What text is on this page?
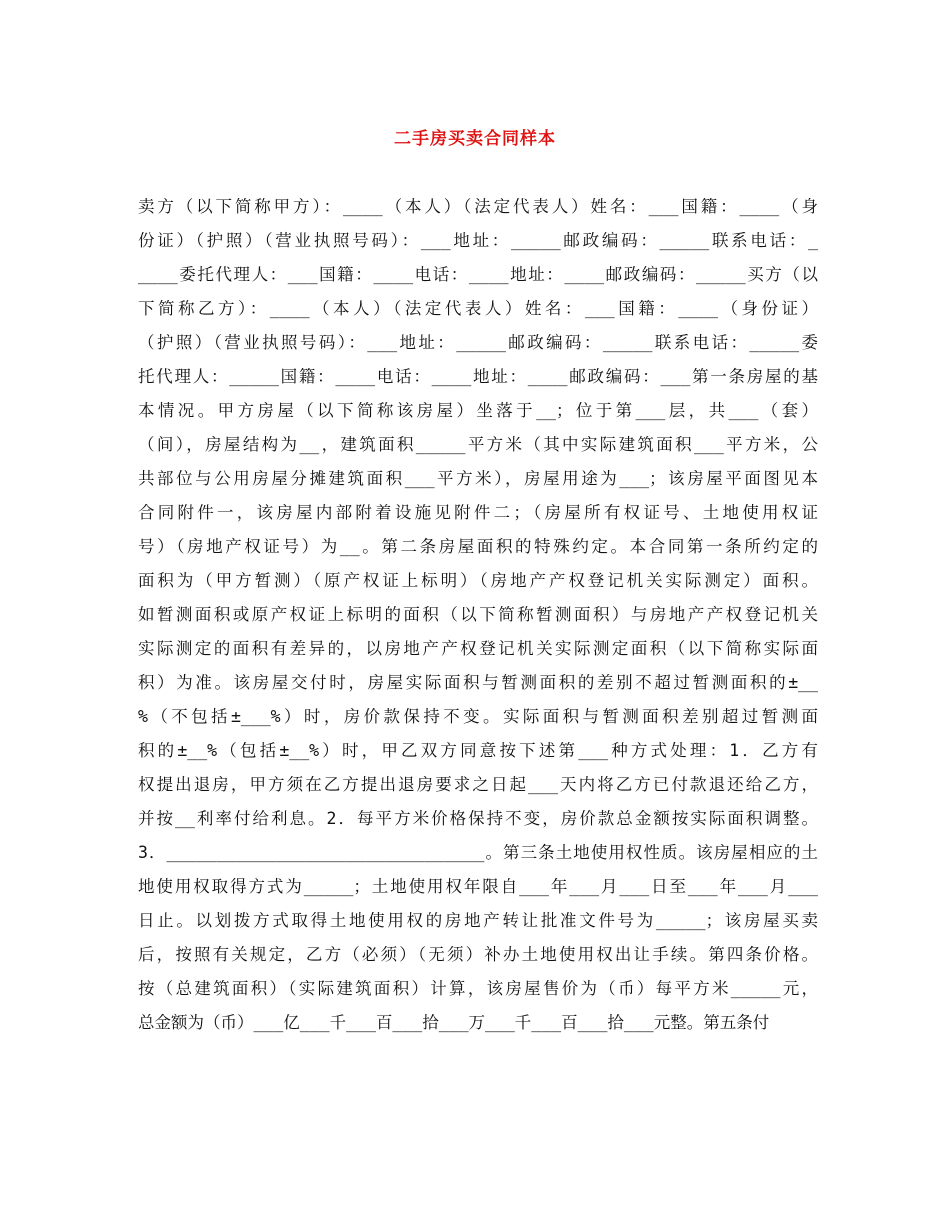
二手房买卖合同样本
卖方（以下简称甲方）：____（本人）（法定代表人）姓名：___国籍：____（身
份证）（护照）（营业执照号码）：___地址：_____邮政编码：_____联系电话：_
____委托代理人：___国籍：____电话：____地址：____邮政编码：_____买方（以
下简称乙方）：____（本人）（法定代表人）姓名：___国籍：____（身份证）
（护照）（营业执照号码）：___地址：_____邮政编码：_____联系电话：_____委
托代理人：_____国籍：____电话：____地址：____邮政编码：___第一条房屋的基
本情况。甲方房屋（以下简称该房屋）坐落于__；位于第___层，共___（套）
（间），房屋结构为__，建筑面积_____平方米（其中实际建筑面积___平方米，公
共部位与公用房屋分摊建筑面积___平方米），房屋用途为___；该房屋平面图见本
合同附件一，该房屋内部附着设施见附件二；（房屋所有权证号、土地使用权证
号）（房地产权证号）为__。第二条房屋面积的特殊约定。本合同第一条所约定的
面积为（甲方暂测）（原产权证上标明）（房地产产权登记机关实际测定）面积。
如暂测面积或原产权证上标明的面积（以下简称暂测面积）与房地产产权登记机关
实际测定的面积有差异的，以房地产产权登记机关实际测定面积（以下简称实际面
积）为准。该房屋交付时，房屋实际面积与暂测面积的差别不超过暂测面积的±__
%（不包括±___%）时，房价款保持不变。实际面积与暂测面积差别超过暂测面
积的±__%（包括±__%）时，甲乙双方同意按下述第___种方式处理：1．乙方有
权提出退房，甲方须在乙方提出退房要求之日起___天内将乙方已付款退还给乙方，
并按__利率付给利息。2．每平方米价格保持不变，房价款总金额按实际面积调整。
3．________________________________。第三条土地使用权性质。该房屋相应的土
地使用权取得方式为_____；土地使用权年限自___年___月___日至___年___月___
日止。以划拨方式取得土地使用权的房地产转让批准文件号为_____；该房屋买卖
后，按照有关规定，乙方（必须）（无须）补办土地使用权出让手续。第四条价格。
按（总建筑面积）（实际建筑面积）计算，该房屋售价为（币）每平方米_____元，
总金额为（币）___亿___千___百___拾___万___千___百___拾___元整。第五条付
